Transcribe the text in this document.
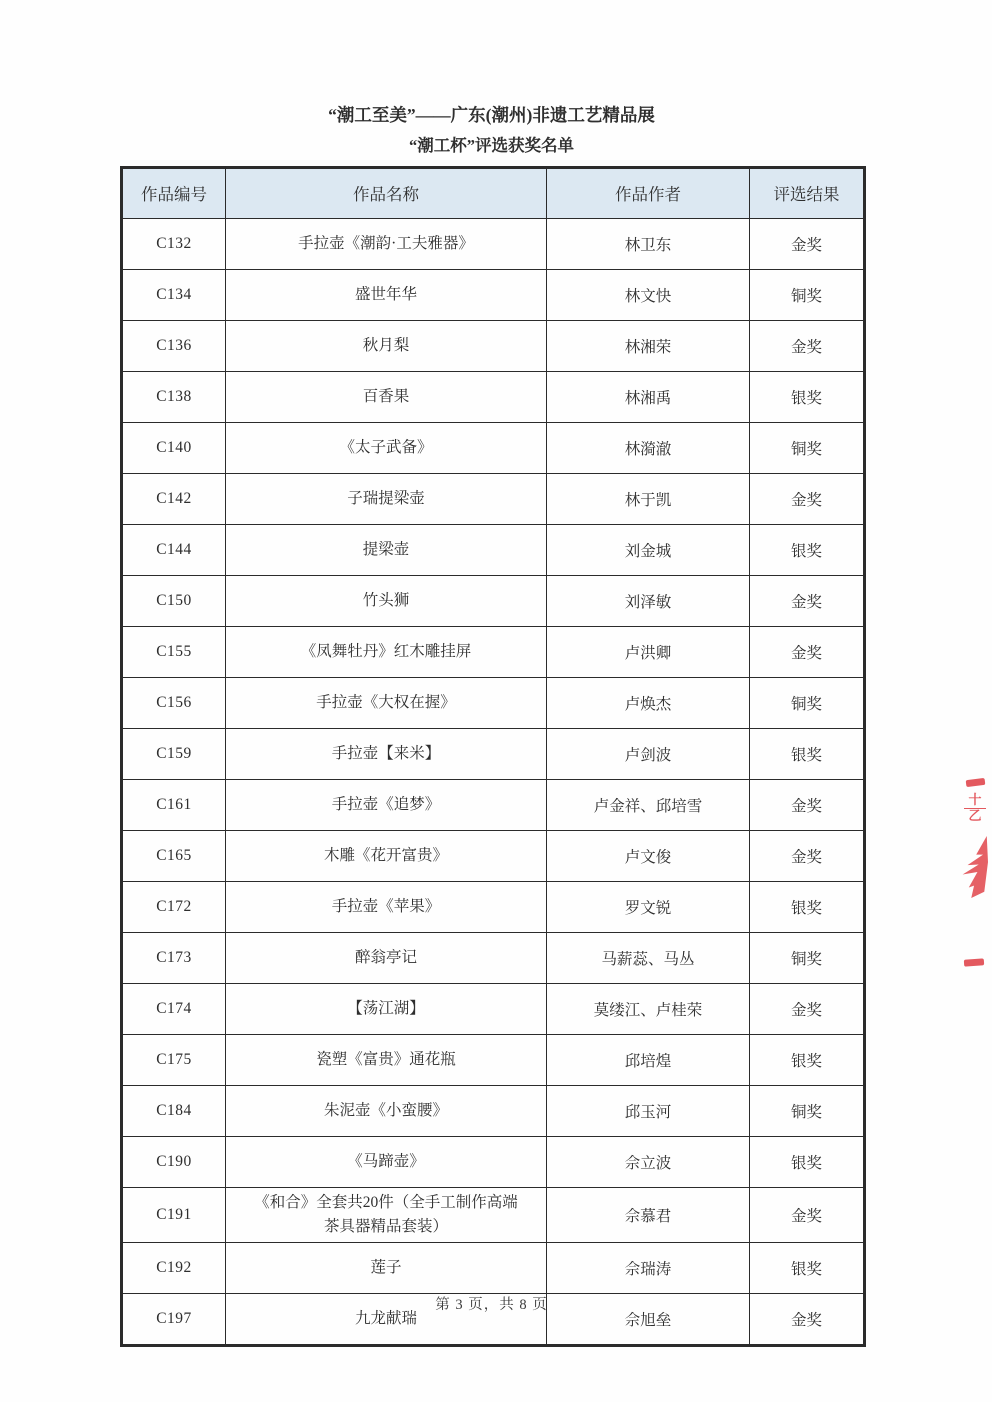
“潮工至美”——广东(潮州)非遗工艺精品展
“潮工杯”评选获奖名单
作品编号	作品名称	作品作者	评选结果
C132	手拉壶《潮韵·工夫雅器》	林卫东	金奖
C134	盛世年华	林文快	铜奖
C136	秋月梨	林湘荣	金奖
C138	百香果	林湘禹	银奖
C140	《太子武备》	林漪澈	铜奖
C142	子瑞提梁壶	林于凯	金奖
C144	提梁壶	刘金城	银奖
C150	竹头狮	刘泽敏	金奖
C155	《凤舞牡丹》红木雕挂屏	卢洪卿	金奖
C156	手拉壶《大权在握》	卢焕杰	铜奖
C159	手拉壶【来米】	卢剑波	银奖
C161	手拉壶《追梦》	卢金祥、邱培雪	金奖
C165	木雕《花开富贵》	卢文俊	金奖
C172	手拉壶《苹果》	罗文锐	银奖
C173	醉翁亭记	马薪蕊、马丛	铜奖
C174	【荡江湖】	莫缕江、卢桂荣	金奖
C175	瓷塑《富贵》通花瓶	邱培煌	银奖
C184	朱泥壶《小蛮腰》	邱玉河	铜奖
C190	《马蹄壶》	佘立波	银奖
C191	《和合》全套共20件（全手工制作高端茶具器精品套装）	佘慕君	金奖
C192	莲子	佘瑞涛	银奖
C197	九龙献瑞	佘旭垒	金奖
第 3 页，共 8 页
十
乙
